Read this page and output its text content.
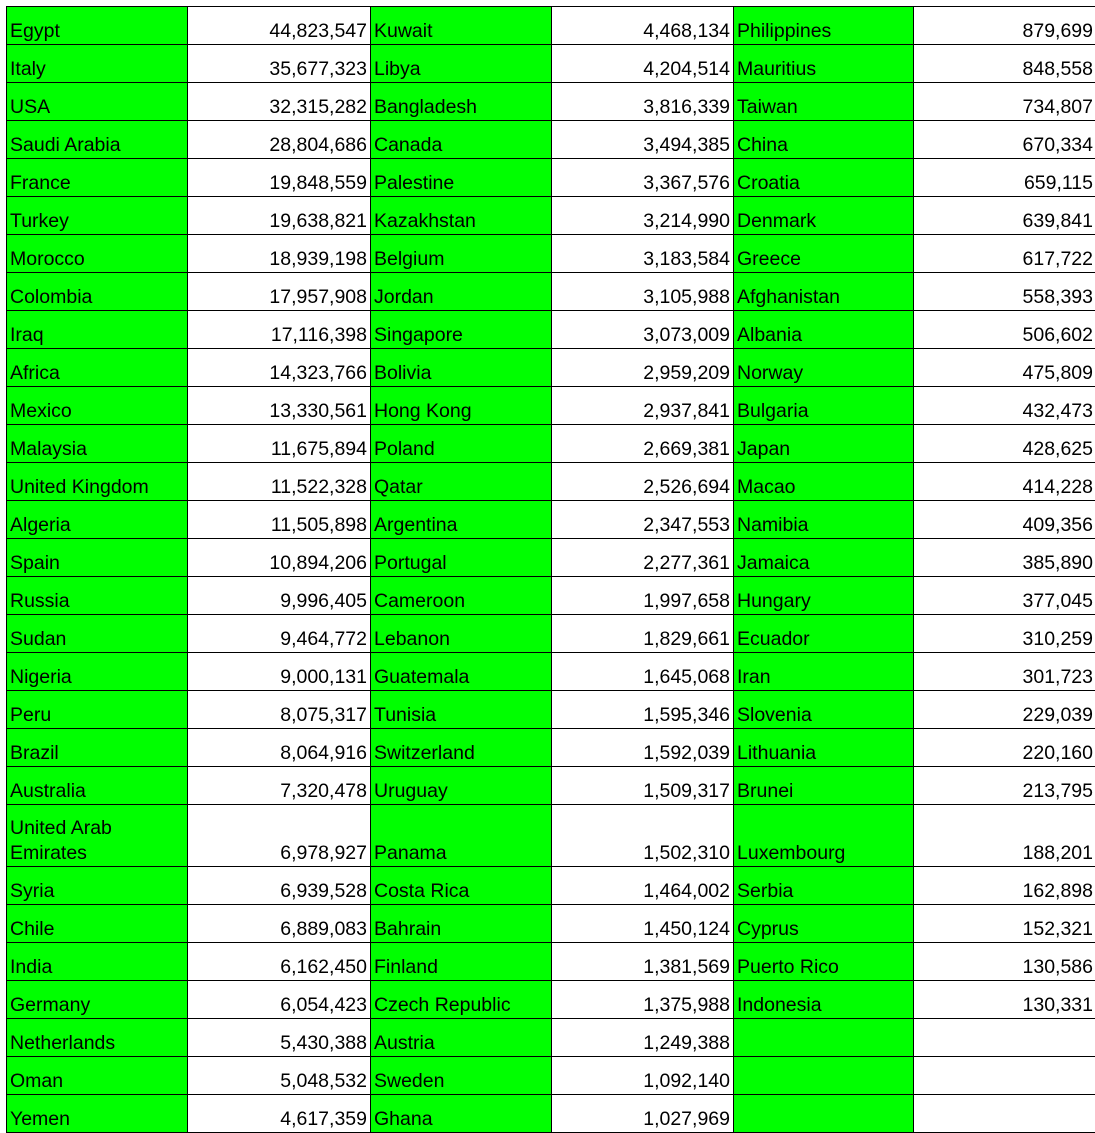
Egypt	44,823,547	Kuwait	4,468,134	Philippines	879,699
Italy	35,677,323	Libya	4,204,514	Mauritius	848,558
USA	32,315,282	Bangladesh	3,816,339	Taiwan	734,807
Saudi Arabia	28,804,686	Canada	3,494,385	China	670,334
France	19,848,559	Palestine	3,367,576	Croatia	659,115
Turkey	19,638,821	Kazakhstan	3,214,990	Denmark	639,841
Morocco	18,939,198	Belgium	3,183,584	Greece	617,722
Colombia	17,957,908	Jordan	3,105,988	Afghanistan	558,393
Iraq	17,116,398	Singapore	3,073,009	Albania	506,602
Africa	14,323,766	Bolivia	2,959,209	Norway	475,809
Mexico	13,330,561	Hong Kong	2,937,841	Bulgaria	432,473
Malaysia	11,675,894	Poland	2,669,381	Japan	428,625
United Kingdom	11,522,328	Qatar	2,526,694	Macao	414,228
Algeria	11,505,898	Argentina	2,347,553	Namibia	409,356
Spain	10,894,206	Portugal	2,277,361	Jamaica	385,890
Russia	9,996,405	Cameroon	1,997,658	Hungary	377,045
Sudan	9,464,772	Lebanon	1,829,661	Ecuador	310,259
Nigeria	9,000,131	Guatemala	1,645,068	Iran	301,723
Peru	8,075,317	Tunisia	1,595,346	Slovenia	229,039
Brazil	8,064,916	Switzerland	1,592,039	Lithuania	220,160
Australia	7,320,478	Uruguay	1,509,317	Brunei	213,795
United Arab Emirates	6,978,927	Panama	1,502,310	Luxembourg	188,201
Syria	6,939,528	Costa Rica	1,464,002	Serbia	162,898
Chile	6,889,083	Bahrain	1,450,124	Cyprus	152,321
India	6,162,450	Finland	1,381,569	Puerto Rico	130,586
Germany	6,054,423	Czech Republic	1,375,988	Indonesia	130,331
Netherlands	5,430,388	Austria	1,249,388		
Oman	5,048,532	Sweden	1,092,140		
Yemen	4,617,359	Ghana	1,027,969		
